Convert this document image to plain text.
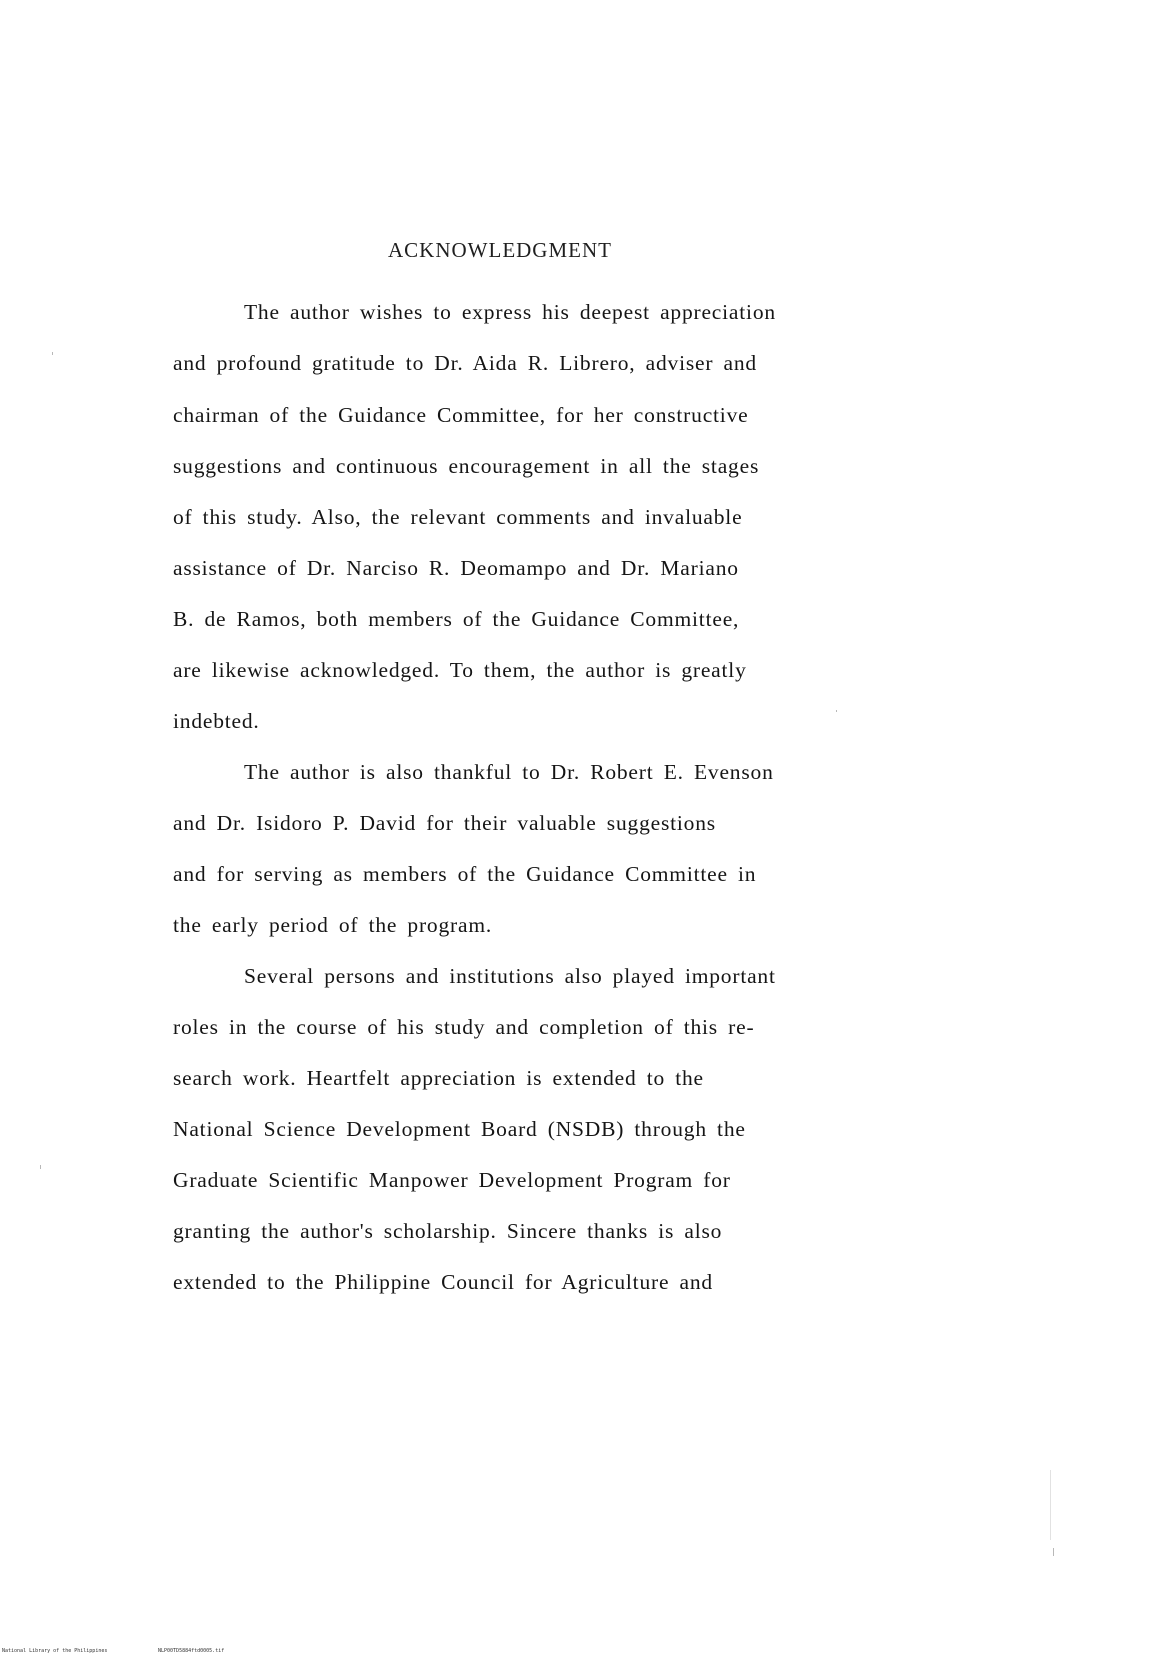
ACKNOWLEDGMENT
The author wishes to express his deepest appreciation
and profound gratitude to Dr. Aida R. Librero, adviser and
chairman of the Guidance Committee, for her constructive
suggestions and continuous encouragement in all the stages
of this study. Also, the relevant comments and invaluable
assistance of Dr. Narciso R. Deomampo and Dr. Mariano
B. de Ramos, both members of the Guidance Committee,
are likewise acknowledged. To them, the author is greatly
indebted.
The author is also thankful to Dr. Robert E. Evenson
and Dr. Isidoro P. David for their valuable suggestions
and for serving as members of the Guidance Committee in
the early period of the program.
Several persons and institutions also played important
roles in the course of his study and completion of this re-
search work. Heartfelt appreciation is extended to the
National Science Development Board (NSDB) through the
Graduate Scientific Manpower Development Program for
granting the author's scholarship. Sincere thanks is also
extended to the Philippine Council for Agriculture and
National Library of the Philippines	NLP00TD5884ftd0005.tif
